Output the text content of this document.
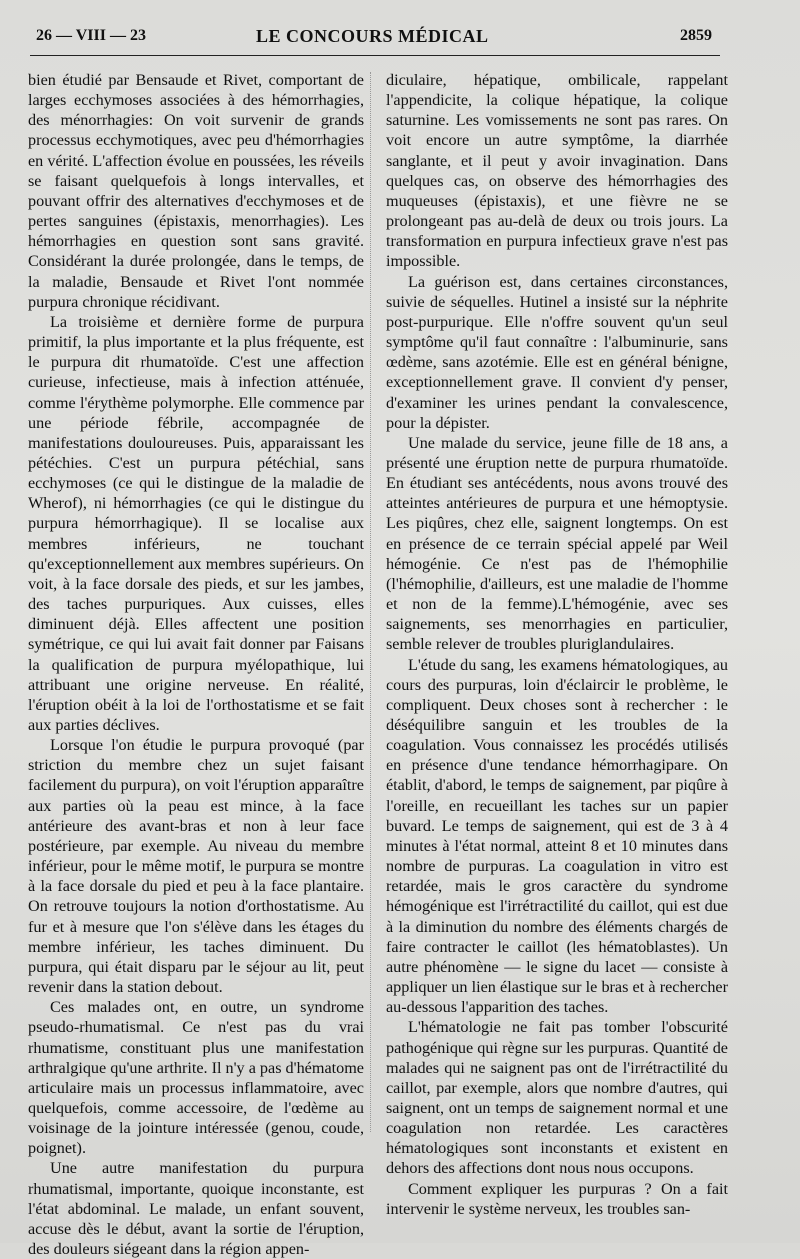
26 — VIII — 23	LE CONCOURS MÉDICAL	2859

bien étudié par Bensaude et Rivet, comportant de larges ecchymoses associées à des hémorrhagies, des ménorrhagies: On voit survenir de grands processus ecchymotiques, avec peu d'hémorrhagies en vérité. L'affection évolue en poussées, les réveils se faisant quelquefois à longs intervalles, et pouvant offrir des alternatives d'ecchymoses et de pertes sanguines (épistaxis, menorrhagies). Les hémorrhagies en question sont sans gravité. Considérant la durée prolongée, dans le temps, de la maladie, Bensaude et Rivet l'ont nommée purpura chronique récidivant.

La troisième et dernière forme de purpura primitif, la plus importante et la plus fréquente, est le purpura dit rhumatoïde. C'est une affection curieuse, infectieuse, mais à infection atténuée, comme l'érythème polymorphe. Elle commence par une période fébrile, accompagnée de manifestations douloureuses. Puis, apparaissant les pétéchies. C'est un purpura pétéchial, sans ecchymoses (ce qui le distingue de la maladie de Wherof), ni hémorrhagies (ce qui le distingue du purpura hémorrhagique). Il se localise aux membres inférieurs, ne touchant qu'exceptionnellement aux membres supérieurs. On voit, à la face dorsale des pieds, et sur les jambes, des taches purpuriques. Aux cuisses, elles diminuent déjà. Elles affectent une position symétrique, ce qui lui avait fait donner par Faisans la qualification de purpura myélopathique, lui attribuant une origine nerveuse. En réalité, l'éruption obéit à la loi de l'orthostatisme et se fait aux parties déclives.

Lorsque l'on étudie le purpura provoqué (par striction du membre chez un sujet faisant facilement du purpura), on voit l'éruption apparaître aux parties où la peau est mince, à la face antérieure des avant-bras et non à leur face postérieure, par exemple. Au niveau du membre inférieur, pour le même motif, le purpura se montre à la face dorsale du pied et peu à la face plantaire. On retrouve toujours la notion d'orthostatisme. Au fur et à mesure que l'on s'élève dans les étages du membre inférieur, les taches diminuent. Du purpura, qui était disparu par le séjour au lit, peut revenir dans la station debout.

Ces malades ont, en outre, un syndrome pseudo-rhumatismal. Ce n'est pas du vrai rhumatisme, constituant plus une manifestation arthralgique qu'une arthrite. Il n'y a pas d'hématome articulaire mais un processus inflammatoire, avec quelquefois, comme accessoire, de l'œdème au voisinage de la jointure intéressée (genou, coude, poignet).

Une autre manifestation du purpura rhumatismal, importante, quoique inconstante, est l'état abdominal. Le malade, un enfant souvent, accuse dès le début, avant la sortie de l'éruption, des douleurs siégeant dans la région appen-

diculaire, hépatique, ombilicale, rappelant l'appendicite, la colique hépatique, la colique saturnine. Les vomissements ne sont pas rares. On voit encore un autre symptôme, la diarrhée sanglante, et il peut y avoir invagination. Dans quelques cas, on observe des hémorrhagies des muqueuses (épistaxis), et une fièvre ne se prolongeant pas au-delà de deux ou trois jours. La transformation en purpura infectieux grave n'est pas impossible.

La guérison est, dans certaines circonstances, suivie de séquelles. Hutinel a insisté sur la néphrite post-purpurique. Elle n'offre souvent qu'un seul symptôme qu'il faut connaître : l'albuminurie, sans œdème, sans azotémie. Elle est en général bénigne, exceptionnellement grave. Il convient d'y penser, d'examiner les urines pendant la convalescence, pour la dépister.

Une malade du service, jeune fille de 18 ans, a présenté une éruption nette de purpura rhumatoïde. En étudiant ses antécédents, nous avons trouvé des atteintes antérieures de purpura et une hémoptysie. Les piqûres, chez elle, saignent longtemps. On est en présence de ce terrain spécial appelé par Weil hémogénie. Ce n'est pas de l'hémophilie (l'hémophilie, d'ailleurs, est une maladie de l'homme et non de la femme).L'hémogénie, avec ses saignements, ses menorrhagies en particulier, semble relever de troubles pluriglandulaires.

L'étude du sang, les examens hématologiques, au cours des purpuras, loin d'éclaircir le problème, le compliquent. Deux choses sont à rechercher : le déséquilibre sanguin et les troubles de la coagulation. Vous connaissez les procédés utilisés en présence d'une tendance hémorrhagipare. On établit, d'abord, le temps de saignement, par piqûre à l'oreille, en recueillant les taches sur un papier buvard. Le temps de saignement, qui est de 3 à 4 minutes à l'état normal, atteint 8 et 10 minutes dans nombre de purpuras. La coagulation in vitro est retardée, mais le gros caractère du syndrome hémogénique est l'irrétractilité du caillot, qui est due à la diminution du nombre des éléments chargés de faire contracter le caillot (les hématoblastes). Un autre phénomène — le signe du lacet — consiste à appliquer un lien élastique sur le bras et à rechercher au-dessous l'apparition des taches.

L'hématologie ne fait pas tomber l'obscurité pathogénique qui règne sur les purpuras. Quantité de malades qui ne saignent pas ont de l'irrétractilité du caillot, par exemple, alors que nombre d'autres, qui saignent, ont un temps de saignement normal et une coagulation non retardée. Les caractères hématologiques sont inconstants et existent en dehors des affections dont nous nous occupons.

Comment expliquer les purpuras ? On a fait intervenir le système nerveux, les troubles san-
